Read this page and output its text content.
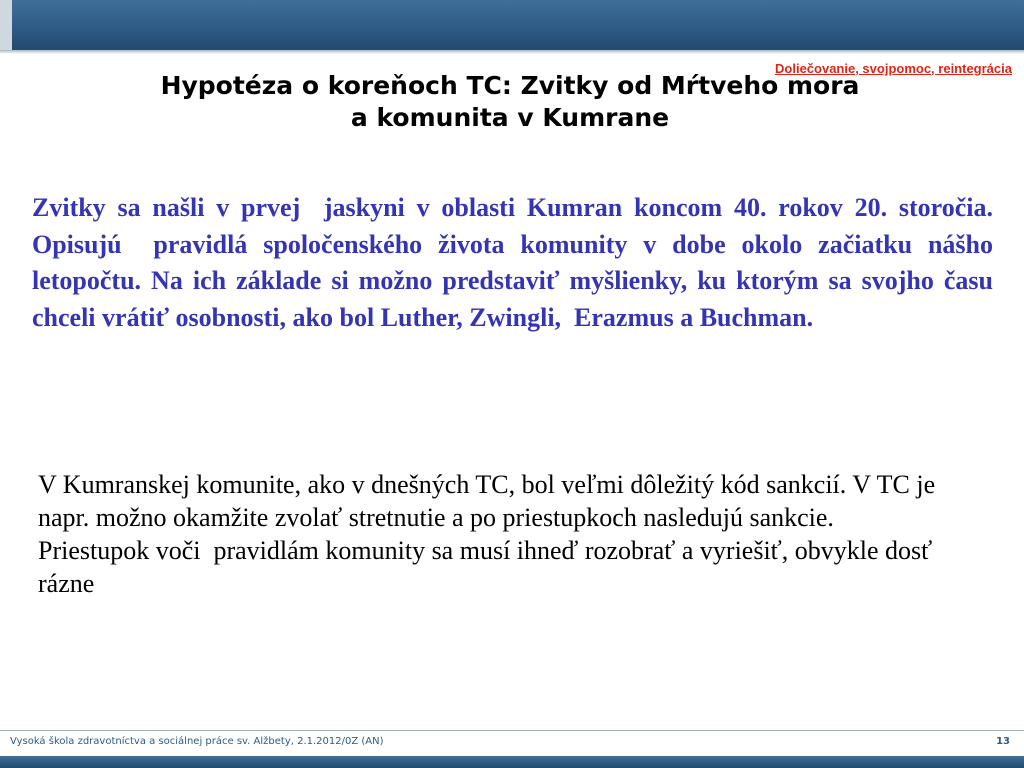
Doliečovanie, svojpomoc, reintegrácia
Hypotéza o koreňoch TC: Zvitky od Mŕtveho mora
a komunita v Kumrane
Zvitky sa našli v prvej  jaskyni v oblasti Kumran koncom 40. rokov 20. storočia. Opisujú  pravidlá spoločenského života komunity v dobe okolo začiatku nášho letopočtu. Na ich základe si možno predstaviť myšlienky, ku ktorým sa svojho času chceli vrátiť osobnosti, ako bol Luther, Zwingli,  Erazmus a Buchman.
V Kumranskej komunite, ako v dnešných TC, bol veľmi dôležitý kód sankcií. V TC je napr. možno okamžite zvolať stretnutie a po priestupkoch nasledujú sankcie. Priestupok voči  pravidlám komunity sa musí ihneď rozobrať a vyriešiť, obvykle dosť rázne
Vysoká škola zdravotníctva a sociálnej práce sv. Alžbety, 2.1.2012/0Z (AN)	13
